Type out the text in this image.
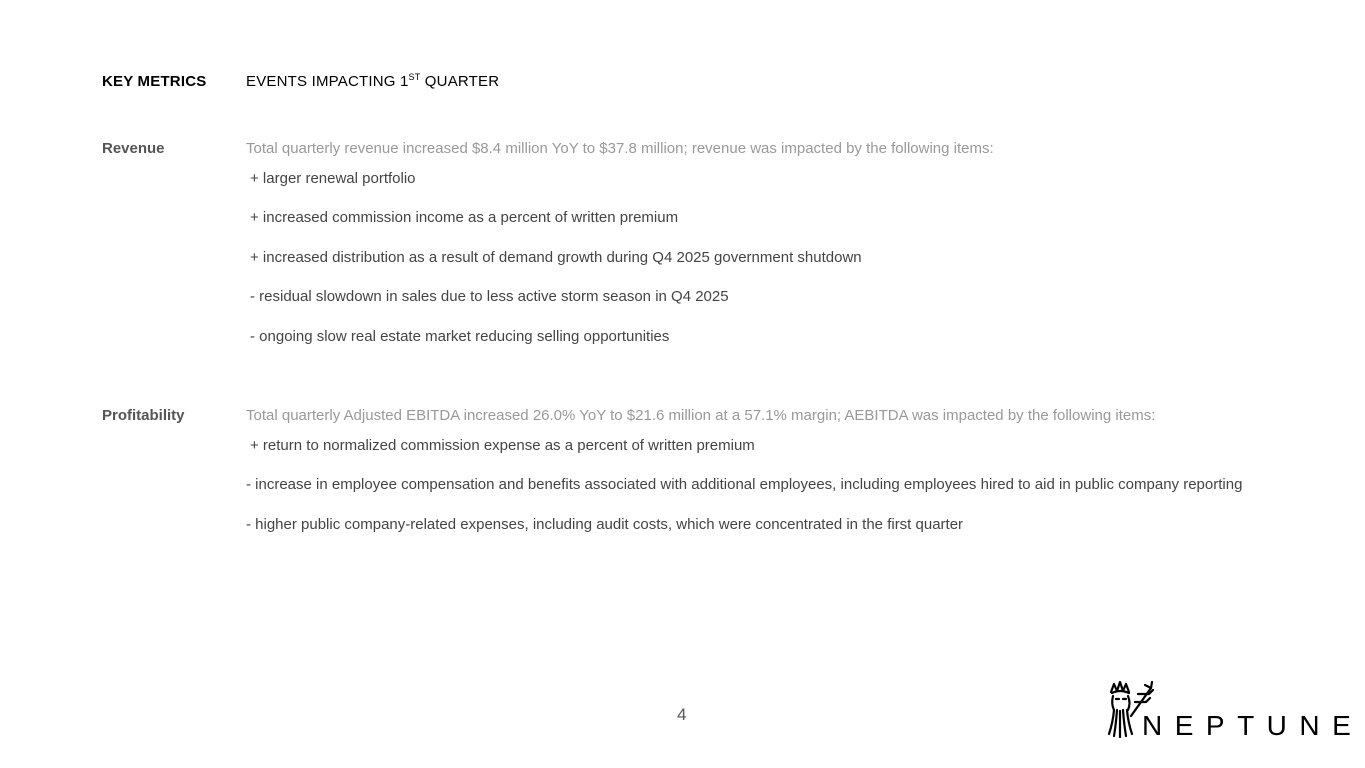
KEY METRICS	EVENTS IMPACTING 1ST QUARTER
Revenue	Total quarterly revenue increased $8.4 million YoY to $37.8 million; revenue was impacted by the following items:
+ larger renewal portfolio
+ increased commission income as a percent of written premium
+ increased distribution as a result of demand growth during Q4 2025 government shutdown
- residual slowdown in sales due to less active storm season in Q4 2025
- ongoing slow real estate market reducing selling opportunities
Profitability	Total quarterly Adjusted EBITDA increased 26.0% YoY to $21.6 million at a 57.1% margin; AEBITDA was impacted by the following items:
+ return to normalized commission expense as a percent of written premium
- increase in employee compensation and benefits associated with additional employees, including employees hired to aid in public company reporting
- higher public company-related expenses, including audit costs, which were concentrated in the first quarter
4	NEPTUNE
